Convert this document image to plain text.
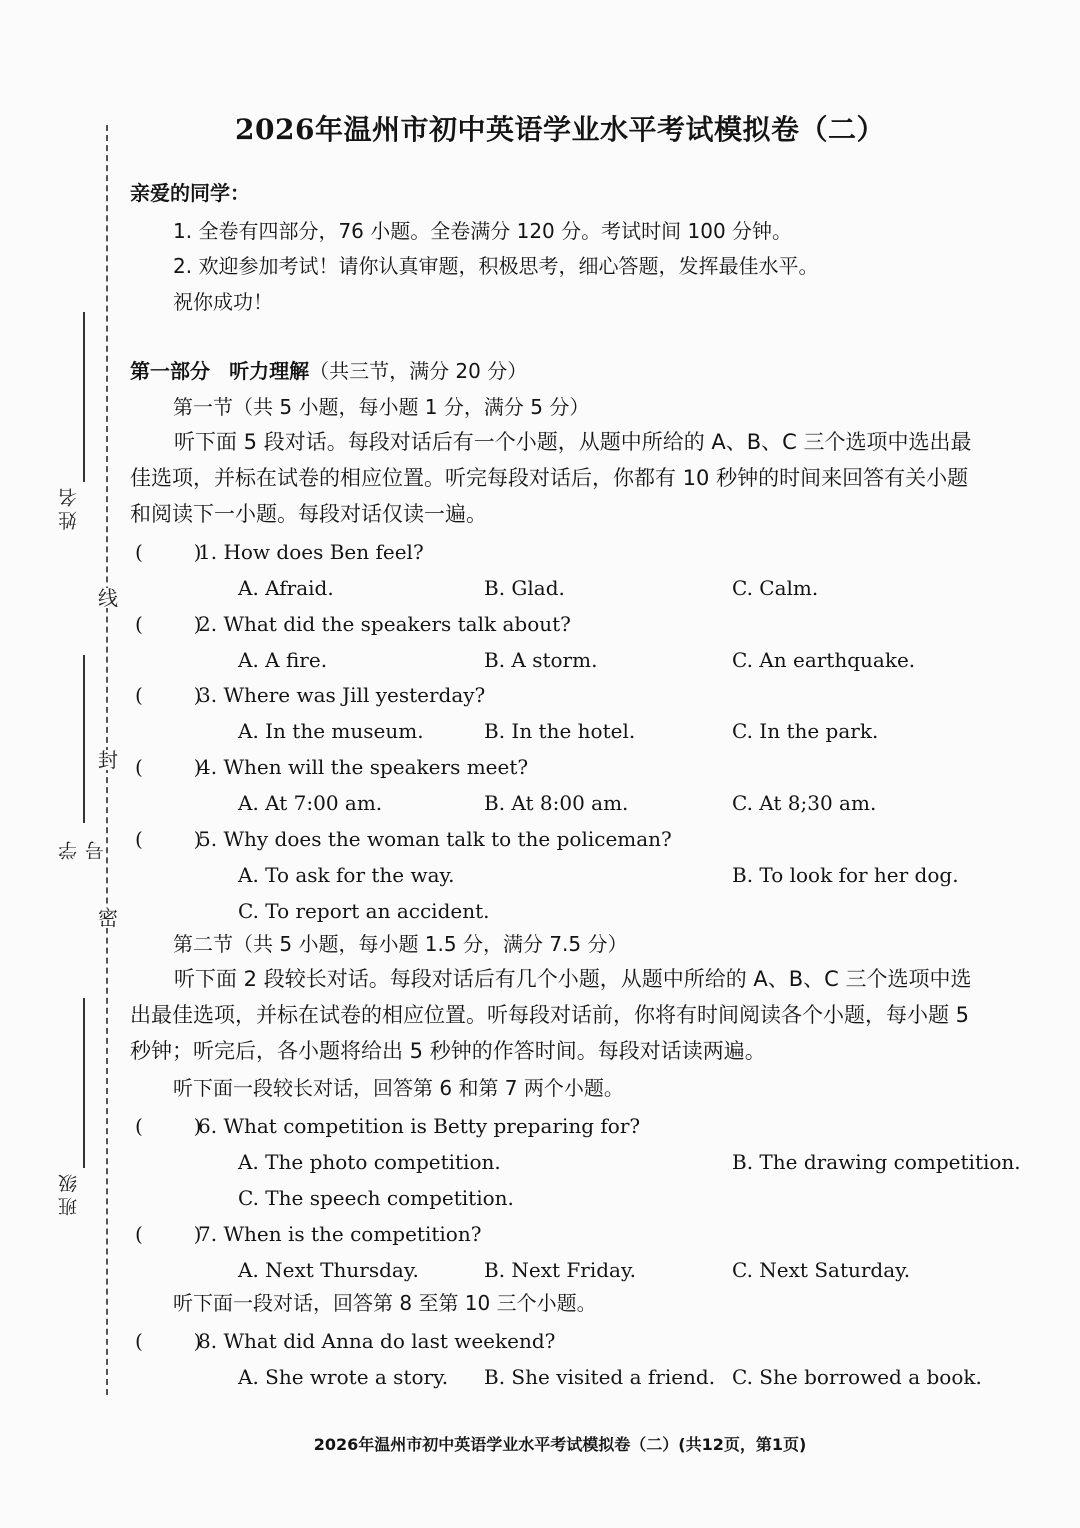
线
封
密
姓名
学号
班级
2026年温州市初中英语学业水平考试模拟卷（二）
亲爱的同学：
1. 全卷有四部分，76 小题。全卷满分 120 分。考试时间 100 分钟。
2. 欢迎参加考试！请你认真审题，积极思考，细心答题，发挥最佳水平。
祝你成功！
第一部分 听力理解（共三节，满分 20 分）
第一节（共 5 小题，每小题 1 分，满分 5 分）
听下面 5 段对话。每段对话后有一个小题，从题中所给的 A、B、C 三个选项中选出最佳选项，并标在试卷的相应位置。听完每段对话后，你都有 10 秒钟的时间来回答有关小题和阅读下一小题。每段对话仅读一遍。
(        )
1. How does Ben feel?
A. Afraid.	B. Glad.	C. Calm.
(        )
2. What did the speakers talk about?
A. A fire.	B. A storm.	C. An earthquake.
(        )
3. Where was Jill yesterday?
A. In the museum.	B. In the hotel.	C. In the park.
(        )
4. When will the speakers meet?
A. At 7:00 am.	B. At 8:00 am.	C. At 8;30 am.
(        )
5. Why does the woman talk to the policeman?
A. To ask for the way.	B. To look for her dog.
C. To report an accident.
第二节（共 5 小题，每小题 1.5 分，满分 7.5 分）
听下面 2 段较长对话。每段对话后有几个小题，从题中所给的 A、B、C 三个选项中选出最佳选项，并标在试卷的相应位置。听每段对话前，你将有时间阅读各个小题，每小题 5 秒钟；听完后，各小题将给出 5 秒钟的作答时间。每段对话读两遍。
听下面一段较长对话，回答第 6 和第 7 两个小题。
(        )
6. What competition is Betty preparing for?
A. The photo competition.	B. The drawing competition.
C. The speech competition.
(        )
7. When is the competition?
A. Next Thursday.	B. Next Friday.	C. Next Saturday.
听下面一段对话，回答第 8 至第 10 三个小题。
(        )
8. What did Anna do last weekend?
A. She wrote a story. B. She visited a friend. C. She borrowed a book.
2026年温州市初中英语学业水平考试模拟卷（二）(共12页，第1页)
